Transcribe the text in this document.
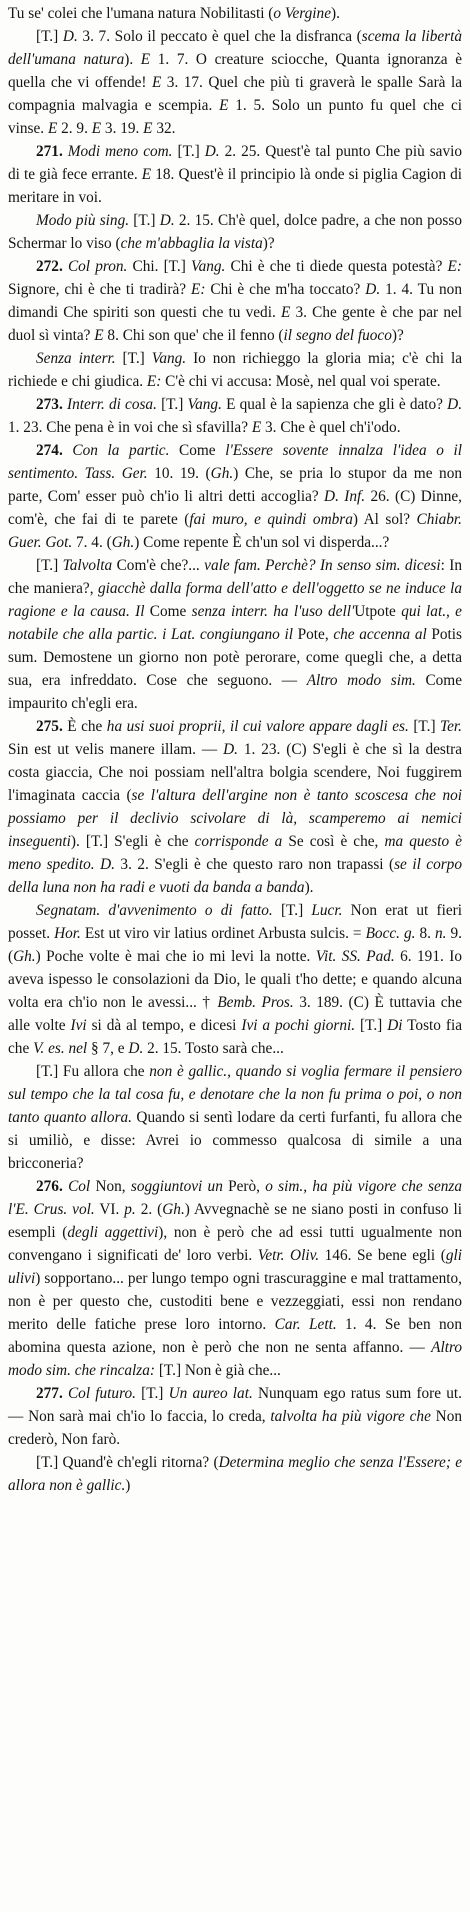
Tu se' colei che l'umana natura Nobilitasti (o Vergine).

[T.] D. 3. 7. Solo il peccato è quel che la disfranca (scema la libertà dell'umana natura). E 1. 7. O creature sciocche, Quanta ignoranza è quella che vi offende! E 3. 17. Quel che più ti graverà le spalle Sarà la compagnia malvagia e scempia. E 1. 5. Solo un punto fu quel che ci vinse. E 2. 9. E 3. 19. E 32.

271. Modi meno com. [T.] D. 2. 25. Quest'è tal punto Che più savio di te già fece errante. E 18. Quest'è il principio là onde si piglia Cagion di meritare in voi.

Modo più sing. [T.] D. 2. 15. Ch'è quel, dolce padre, a che non posso Schermar lo viso (che m'abbaglia la vista)?

272. Col pron. Chi. [T.] Vang. Chi è che ti diede questa potestà? E: Signore, chi è che ti tradirà? E: Chi è che m'ha toccato? D. 1. 4. Tu non dimandi Che spiriti son questi che tu vedi. E 3. Che gente è che par nel duol sì vinta? E 8. Chi son que' che il fenno (il segno del fuoco)?

Senza interr. [T.] Vang. Io non richieggo la gloria mia; c'è chi la richiede e chi giudica. E: C'è chi vi accusa: Mosè, nel qual voi sperate.

273. Interr. di cosa. [T.] Vang. E qual è la sapienza che gli è dato? D. 1. 23. Che pena è in voi che sì sfavilla? E 3. Che è quel ch'i'odo.

274. Con la partic. Come l'Essere sovente innalza l'idea o il sentimento. Tass. Ger. 10. 19. (Gh.) Che, se pria lo stupor da me non parte, Com' esser può ch'io li altri detti accoglia? D. Inf. 26. (C) Dinne, com'è, che fai di te parete (fai muro, e quindi ombra) Al sol? Chiabr. Guer. Got. 7. 4. (Gh.) Come repente È ch'un sol vi disperda...?

[T.] Talvolta Com'è che?... vale fam. Perchè? In senso sim. dicesi: In che maniera?, giacchè dalla forma dell'atto e dell'oggetto se ne induce la ragione e la causa. Il Come senza interr. ha l'uso dell'Utpote qui lat., e notabile che alla partic. i Lat. congiungano il Pote, che accenna al Potis sum. Demostene un giorno non potè perorare, come quegli che, a detta sua, era infreddato. Cose che seguono. — Altro modo sim. Come impaurito ch'egli era.

275. È che ha usi suoi proprii, il cui valore appare dagli es. [T.] Ter. Sin est ut velis manere illam. — D. 1. 23. (C) S'egli è che sì la destra costa giaccia, Che noi possiam nell'altra bolgia scendere, Noi fuggirem l'imaginata caccia (se l'altura dell'argine non è tanto scoscesa che noi possiamo per il declivio scivolare di là, scamperemo ai nemici inseguenti). [T.] S'egli è che corrisponde a Se così è che, ma questo è meno spedito. D. 3. 2. S'egli è che questo raro non trapassi (se il corpo della luna non ha radi e vuoti da banda a banda).

Segnatam. d'avvenimento o di fatto. [T.] Lucr. Non erat ut fieri posset. Hor. Est ut viro vir latius ordinet Arbusta sulcis. = Bocc. g. 8. n. 9. (Gh.) Poche volte è mai che io mi levi la notte. Vit. SS. Pad. 6. 191. Io aveva ispesso le consolazioni da Dio, le quali t'ho dette; e quando alcuna volta era ch'io non le avessi... † Bemb. Pros. 3. 189. (C) È tuttavia che alle volte Ivi si dà al tempo, e dicesi Ivi a pochi giorni. [T.] Di Tosto fia che V. es. nel § 7, e D. 2. 15. Tosto sarà che...

[T.] Fu allora che non è gallic., quando si voglia fermare il pensiero sul tempo che la tal cosa fu, e denotare che la non fu prima o poi, o non tanto quanto allora. Quando si sentì lodare da certi furfanti, fu allora che si umiliò, e disse: Avrei io commesso qualcosa di simile a una bricconeria?

276. Col Non, soggiuntovi un Però, o sim., ha più vigore che senza l'E. Crus. vol. VI. p. 2. (Gh.) Avvegnachè se ne siano posti in confuso li esempli (degli aggettivi), non è però che ad essi tutti ugualmente non convengano i significati de' loro verbi. Vetr. Oliv. 146. Se bene egli (gli ulivi) sopportano... per lungo tempo ogni trascuraggine e mal trattamento, non è per questo che, custoditi bene e vezzeggiati, essi non rendano merito delle fatiche prese loro intorno. Car. Lett. 1. 4. Se ben non abomina questa azione, non è però che non ne senta affanno. — Altro modo sim. che rincalza: [T.] Non è già che...

277. Col futuro. [T.] Un aureo lat. Nunquam ego ratus sum fore ut. — Non sarà mai ch'io lo faccia, lo creda, talvolta ha più vigore che Non crederò, Non farò.

[T.] Quand'è ch'egli ritorna? (Determina meglio che senza l'Essere; e allora non è gallic.)
